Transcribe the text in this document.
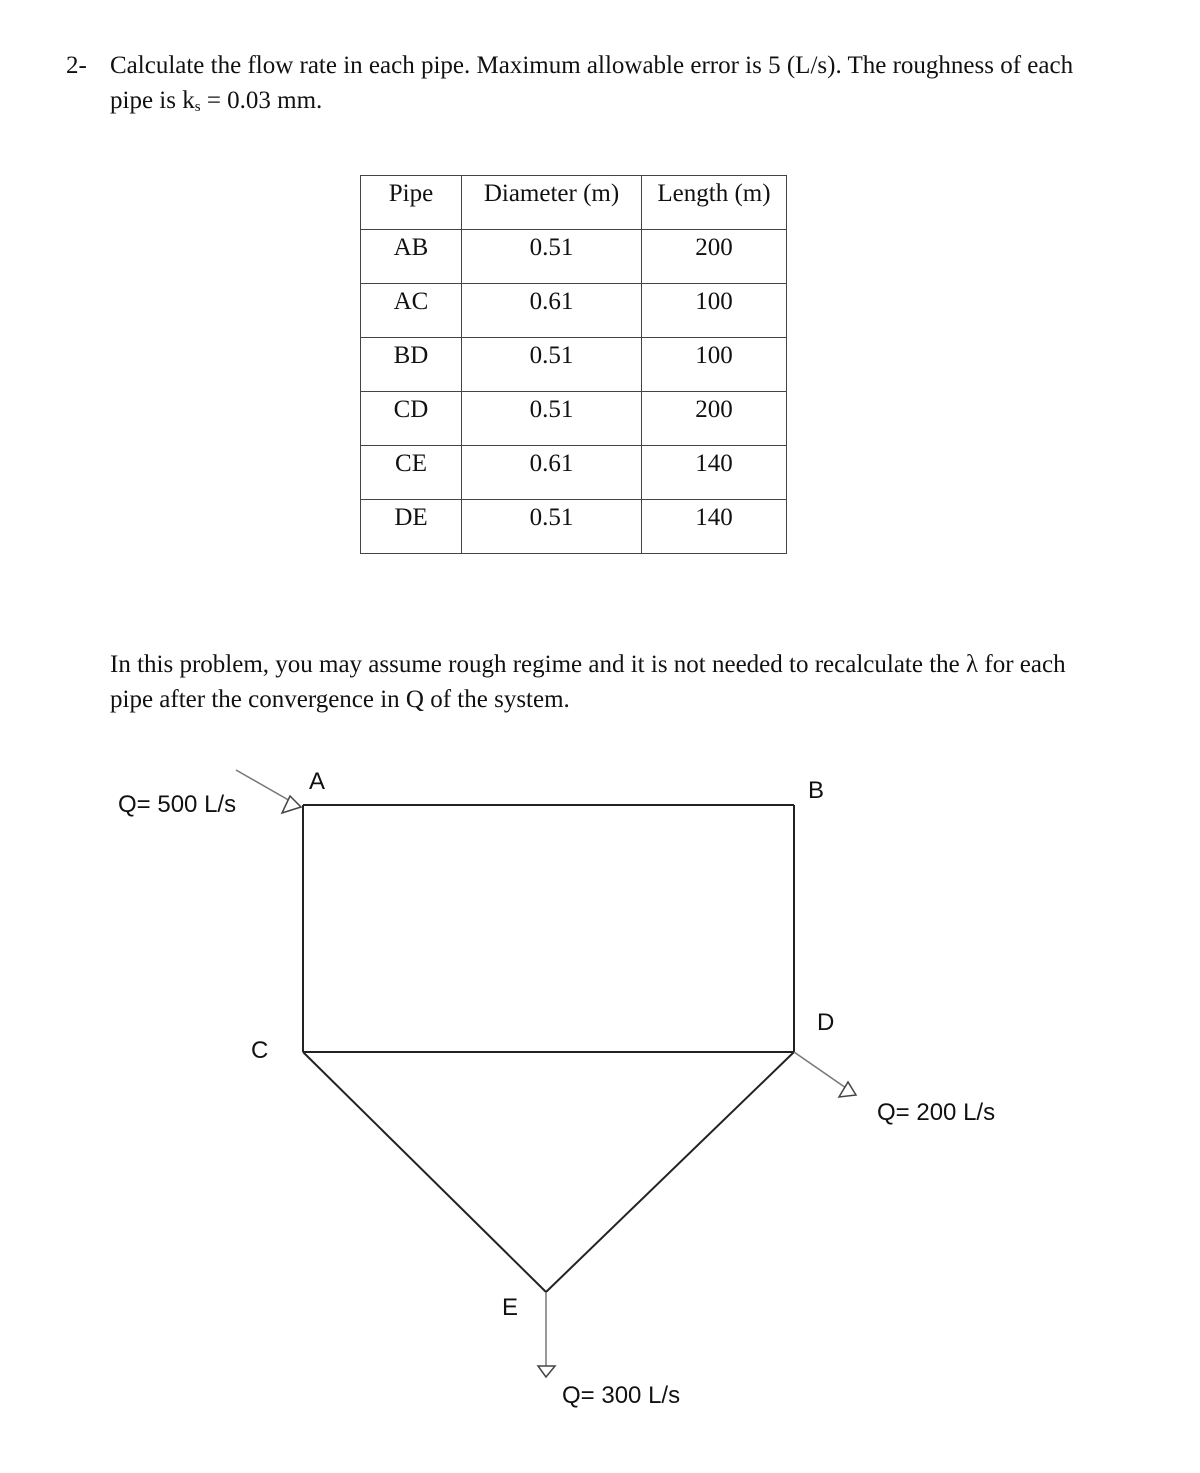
2- Calculate the flow rate in each pipe. Maximum allowable error is 5 (L/s). The roughness of each
pipe is $k_s = 0.03$ mm.
Pipe	Diameter (m)	Length (m)
AB	0.51	200
AC	0.61	100
BD	0.51	100
CD	0.51	200
CE	0.61	140
DE	0.51	140
In this problem, you may assume rough regime and it is not needed to recalculate the λ for each
pipe after the convergence in Q of the system.
A	B
C
D
E
Q= 500 L/s
Q= 200 L/s
Q= 300 L/s
